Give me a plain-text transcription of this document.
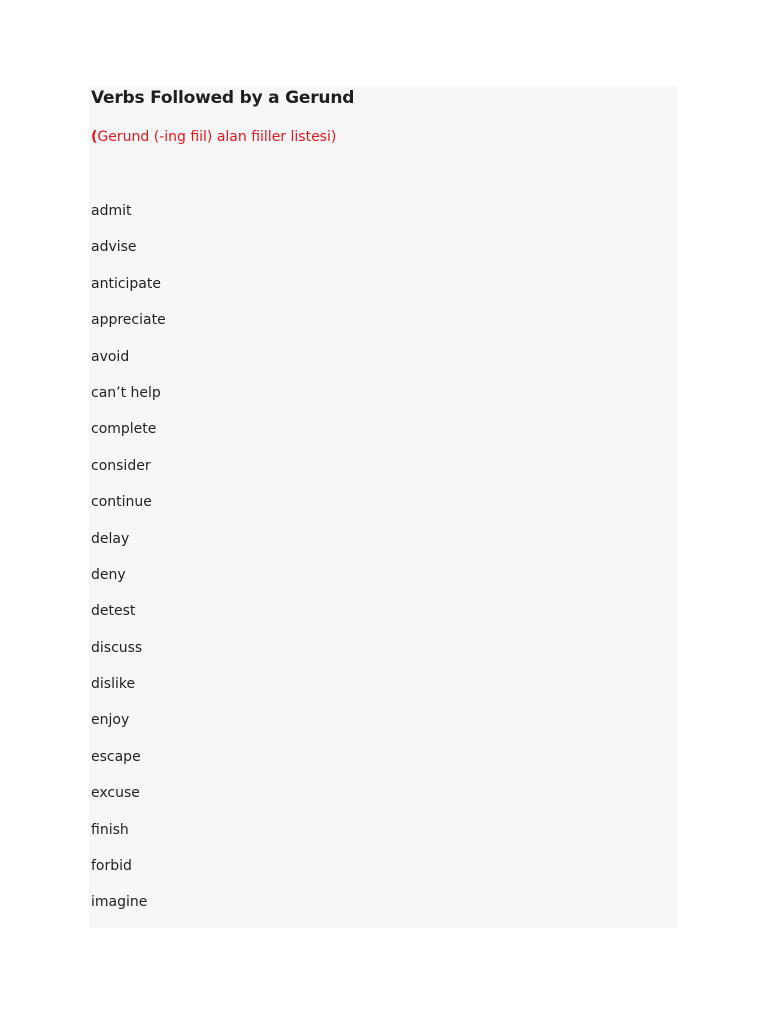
Verbs Followed by a Gerund

(Gerund (-ing fiil) alan fiiller listesi)

admit
advise
anticipate
appreciate
avoid
can’t help
complete
consider
continue
delay
deny
detest
discuss
dislike
enjoy
escape
excuse
finish
forbid
imagine
